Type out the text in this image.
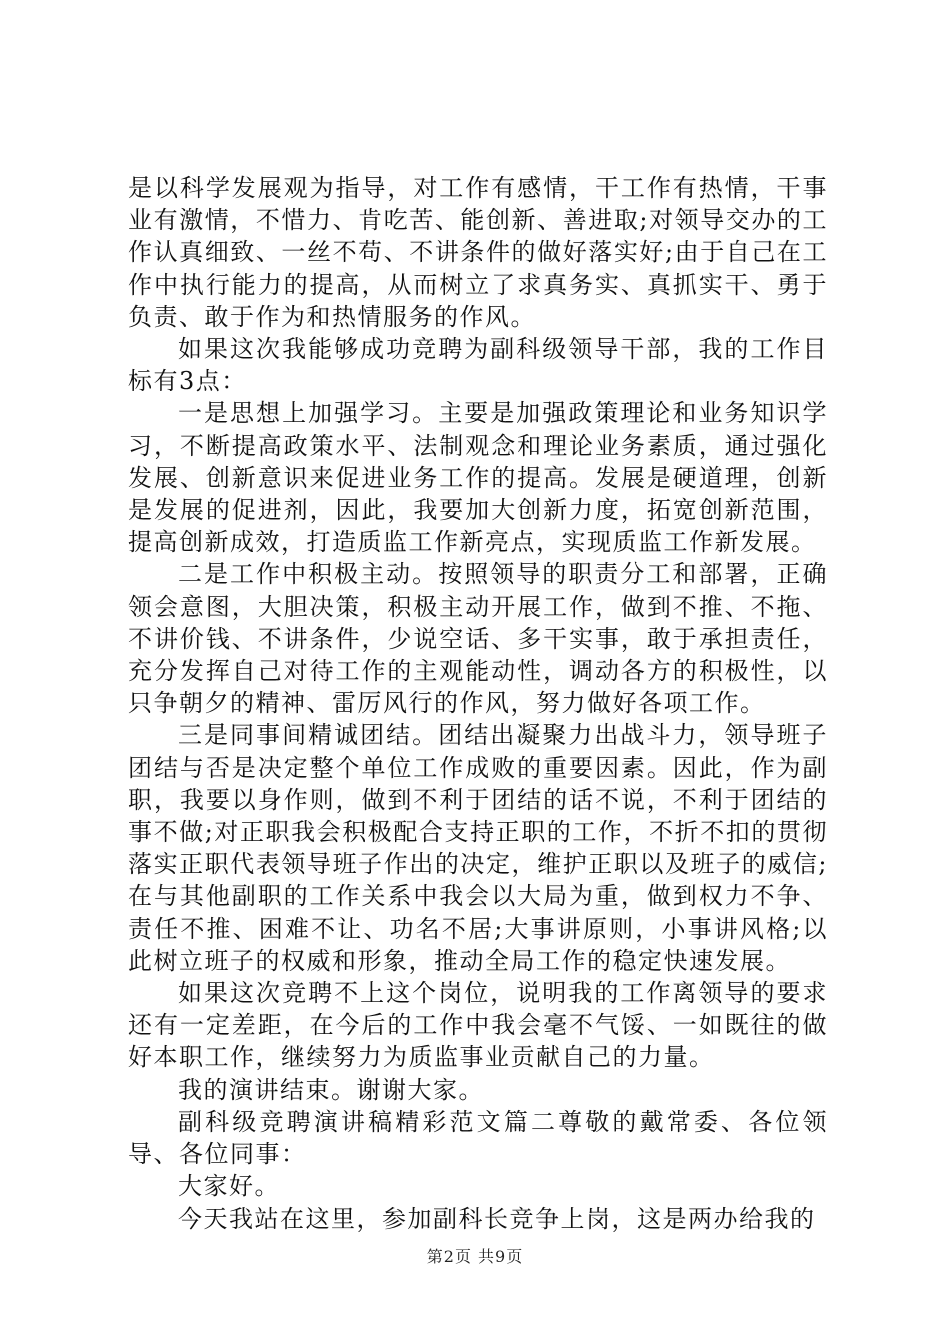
是以科学发展观为指导，对工作有感情，干工作有热情，干事业有激情，不惜力、肯吃苦、能创新、善进取;对领导交办的工作认真细致、一丝不苟、不讲条件的做好落实好;由于自己在工作中执行能力的提高，从而树立了求真务实、真抓实干、勇于负责、敢于作为和热情服务的作风。

如果这次我能够成功竞聘为副科级领导干部，我的工作目标有3点：

一是思想上加强学习。主要是加强政策理论和业务知识学习，不断提高政策水平、法制观念和理论业务素质，通过强化发展、创新意识来促进业务工作的提高。发展是硬道理，创新是发展的促进剂，因此，我要加大创新力度，拓宽创新范围，提高创新成效，打造质监工作新亮点，实现质监工作新发展。

二是工作中积极主动。按照领导的职责分工和部署，正确领会意图，大胆决策，积极主动开展工作，做到不推、不拖、不讲价钱、不讲条件，少说空话、多干实事，敢于承担责任，充分发挥自己对待工作的主观能动性，调动各方的积极性，以只争朝夕的精神、雷厉风行的作风，努力做好各项工作。

三是同事间精诚团结。团结出凝聚力出战斗力，领导班子团结与否是决定整个单位工作成败的重要因素。因此，作为副职，我要以身作则，做到不利于团结的话不说，不利于团结的事不做;对正职我会积极配合支持正职的工作，不折不扣的贯彻落实正职代表领导班子作出的决定，维护正职以及班子的威信;在与其他副职的工作关系中我会以大局为重，做到权力不争、责任不推、困难不让、功名不居;大事讲原则，小事讲风格;以此树立班子的权威和形象，推动全局工作的稳定快速发展。

如果这次竞聘不上这个岗位，说明我的工作离领导的要求还有一定差距，在今后的工作中我会毫不气馁、一如既往的做好本职工作，继续努力为质监事业贡献自己的力量。

我的演讲结束。谢谢大家。

副科级竞聘演讲稿精彩范文篇二尊敬的戴常委、各位领导、各位同事：

大家好。

今天我站在这里，参加副科长竞争上岗，这是两办给我的

第2页 共9页
